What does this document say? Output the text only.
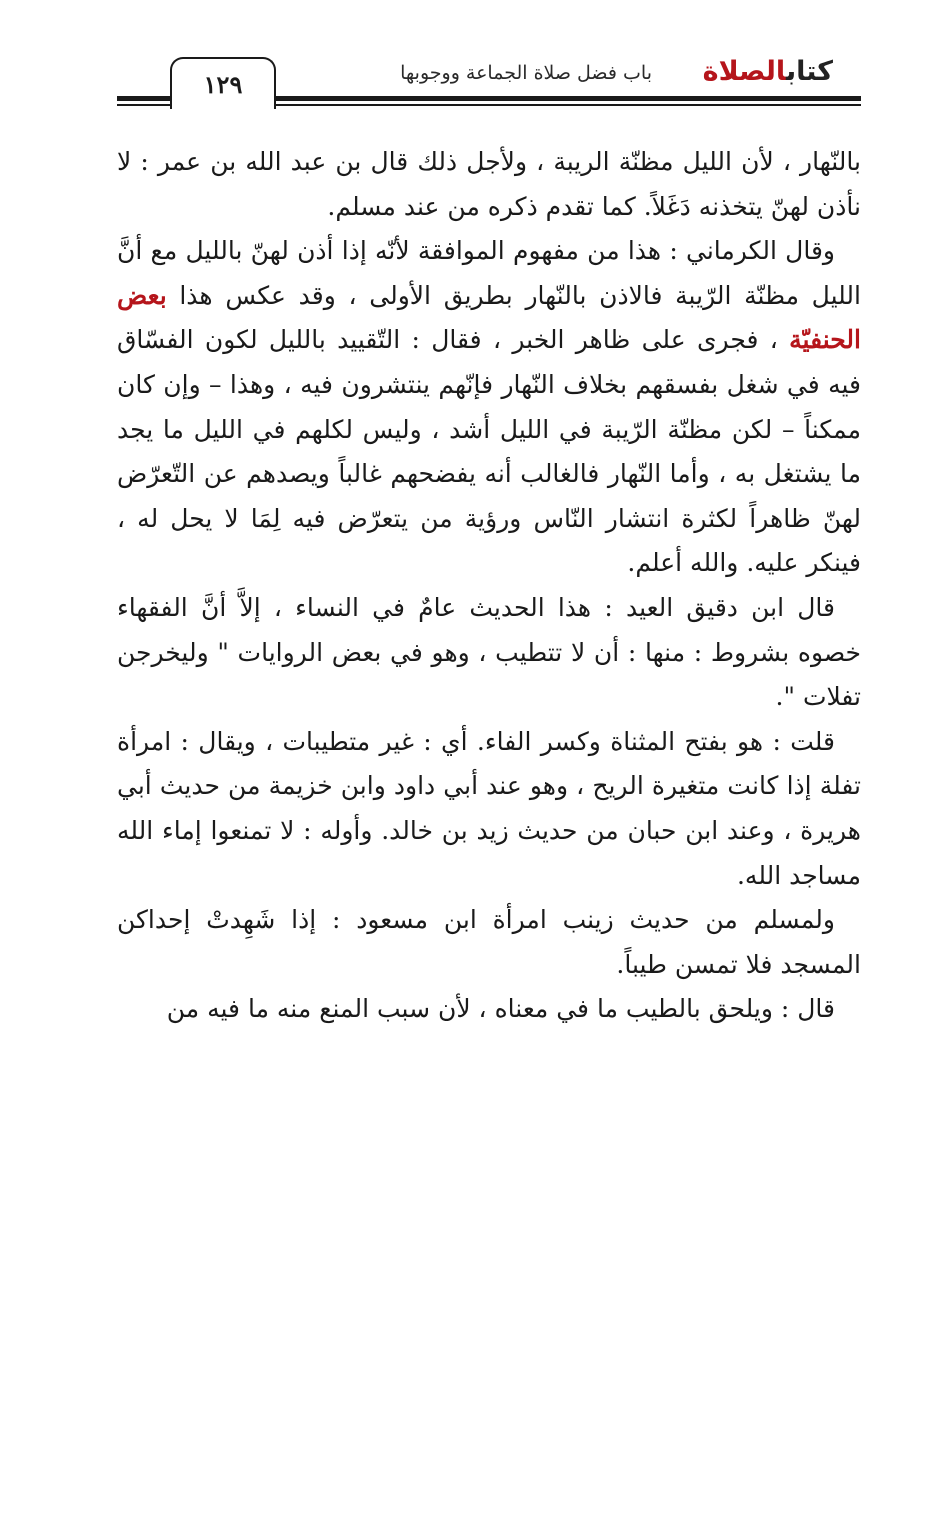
كتابالصلاة
باب فضل صلاة الجماعة ووجوبها
١٢٩

بالنّهار ، لأن الليل مظنّة الريبة ، ولأجل ذلك قال بن عبد الله بن عمر : لا نأذن لهنّ يتخذنه دَغَلاً. كما تقدم ذكره من عند مسلم.

وقال الكرماني : هذا من مفهوم الموافقة لأنّه إذا أذن لهنّ بالليل مع أنَّ الليل مظنّة الرّيبة فالاذن بالنّهار بطريق الأولى ، وقد عكس هذا بعض الحنفيّة ، فجرى على ظاهر الخبر ، فقال : التّقييد بالليل لكون الفسّاق فيه في شغل بفسقهم بخلاف النّهار فإنّهم ينتشرون فيه ، وهذا – وإن كان ممكناً – لكن مظنّة الرّيبة في الليل أشد ، وليس لكلهم في الليل ما يجد ما يشتغل به ، وأما النّهار فالغالب أنه يفضحهم غالباً ويصدهم عن التّعرّض لهنّ ظاهراً لكثرة انتشار النّاس ورؤية من يتعرّض فيه لِمَا لا يحل له ، فينكر عليه. والله أعلم.

قال ابن دقيق العيد : هذا الحديث عامٌ في النساء ، إلاَّ أنَّ الفقهاء خصوه بشروط : منها : أن لا تتطيب ، وهو في بعض الروايات " وليخرجن تفلات ".

قلت : هو بفتح المثناة وكسر الفاء. أي : غير متطيبات ، ويقال : امرأة تفلة إذا كانت متغيرة الريح ، وهو عند أبي داود وابن خزيمة من حديث أبي هريرة ، وعند ابن حبان من حديث زيد بن خالد. وأوله : لا تمنعوا إماء الله مساجد الله.

ولمسلم من حديث زينب امرأة ابن مسعود : إذا شَهِدتْ إحداكن المسجد فلا تمسن طيباً.

قال : ويلحق بالطيب ما في معناه ، لأن سبب المنع منه ما فيه من
